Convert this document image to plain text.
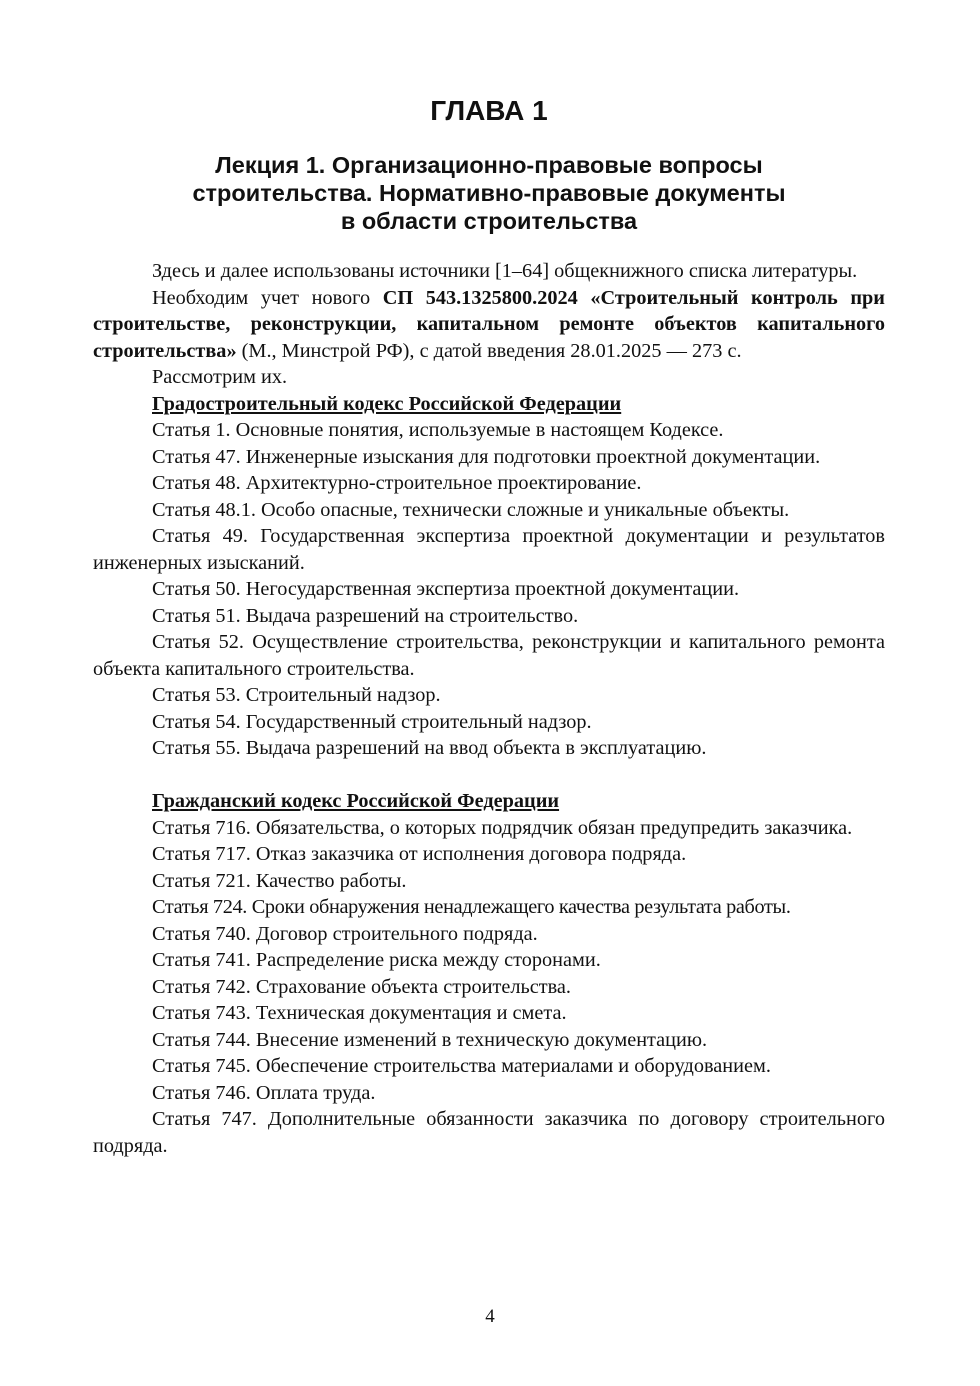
ГЛАВА 1
Лекция 1. Организационно-правовые вопросы
строительства. Нормативно-правовые документы
в области строительства

Здесь и далее использованы источники [1–64] общекнижного списка литературы.

Необходим учет нового СП 543.1325800.2024 «Строительный контроль при строительстве, реконструкции, капитальном ремонте объектов капитального строительства» (М., Минстрой РФ), с датой введения 28.01.2025 — 273 с.

Рассмотрим их.

Градостроительный кодекс Российской Федерации

Статья 1. Основные понятия, используемые в настоящем Кодексе.

Статья 47. Инженерные изыскания для подготовки проектной документации.

Статья 48. Архитектурно-строительное проектирование.

Статья 48.1. Особо опасные, технически сложные и уникальные объекты.

Статья 49. Государственная экспертиза проектной документации и результатов инженерных изысканий.

Статья 50. Негосударственная экспертиза проектной документации.

Статья 51. Выдача разрешений на строительство.

Статья 52. Осуществление строительства, реконструкции и капитального ремонта объекта капитального строительства.

Статья 53. Строительный надзор.

Статья 54. Государственный строительный надзор.

Статья 55. Выдача разрешений на ввод объекта в эксплуатацию.

Гражданский кодекс Российской Федерации

Статья 716. Обязательства, о которых подрядчик обязан предупредить заказчика.

Статья 717. Отказ заказчика от исполнения договора подряда.

Статья 721. Качество работы.

Статья 724. Сроки обнаружения ненадлежащего качества результата работы.

Статья 740. Договор строительного подряда.

Статья 741. Распределение риска между сторонами.

Статья 742. Страхование объекта строительства.

Статья 743. Техническая документация и смета.

Статья 744. Внесение изменений в техническую документацию.

Статья 745. Обеспечение строительства материалами и оборудованием.

Статья 746. Оплата труда.

Статья 747. Дополнительные обязанности заказчика по договору строительного подряда.

4
